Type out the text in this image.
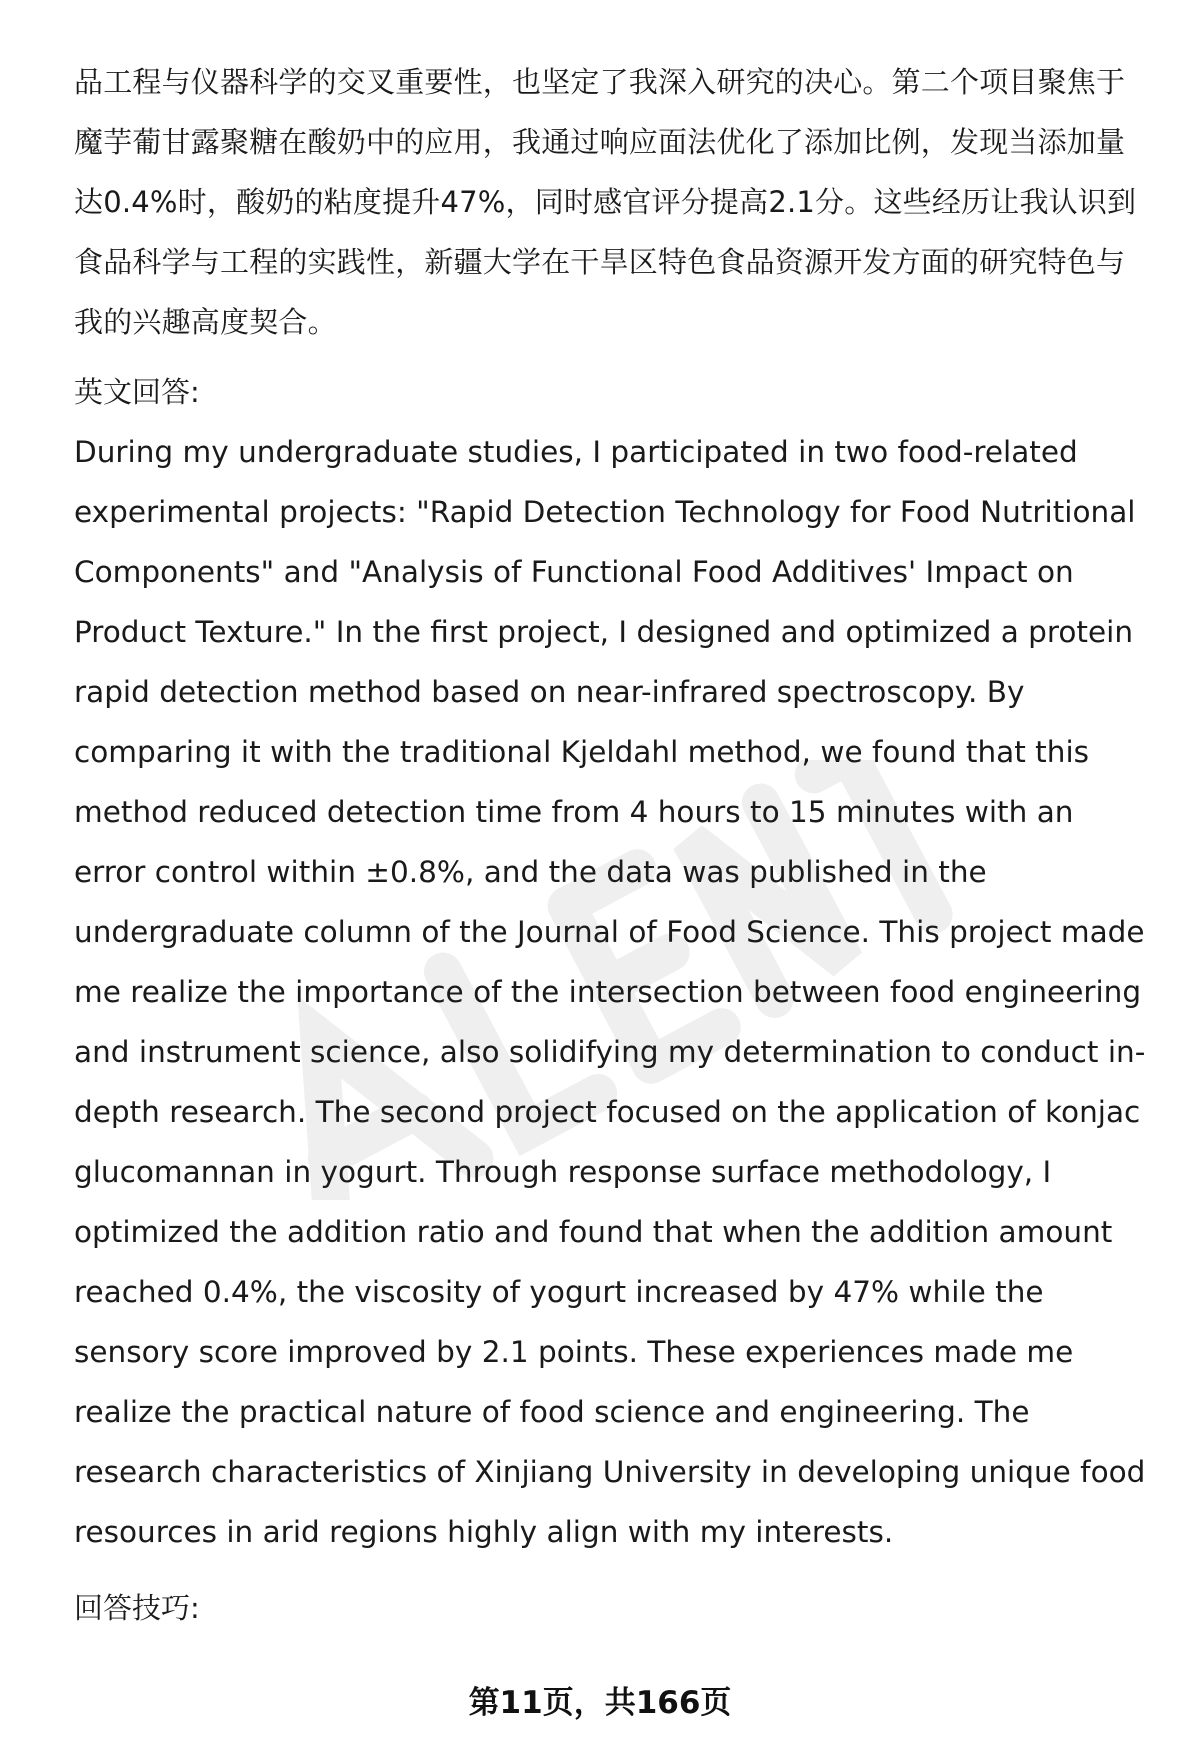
品工程与仪器科学的交叉重要性，也坚定了我深入研究的决心。第二个项目聚焦于魔芋葡甘露聚糖在酸奶中的应用，我通过响应面法优化了添加比例，发现当添加量达0.4%时，酸奶的粘度提升47%，同时感官评分提高2.1分。这些经历让我认识到食品科学与工程的实践性，新疆大学在干旱区特色食品资源开发方面的研究特色与我的兴趣高度契合。

英文回答:

During my undergraduate studies, I participated in two food-related experimental projects: "Rapid Detection Technology for Food Nutritional Components" and "Analysis of Functional Food Additives' Impact on Product Texture." In the first project, I designed and optimized a protein rapid detection method based on near-infrared spectroscopy. By comparing it with the traditional Kjeldahl method, we found that this method reduced detection time from 4 hours to 15 minutes with an error control within ±0.8%, and the data was published in the undergraduate column of the Journal of Food Science. This project made me realize the importance of the intersection between food engineering and instrument science, also solidifying my determination to conduct in-depth research. The second project focused on the application of konjac glucomannan in yogurt. Through response surface methodology, I optimized the addition ratio and found that when the addition amount reached 0.4%, the viscosity of yogurt increased by 47% while the sensory score improved by 2.1 points. These experiences made me realize the practical nature of food science and engineering. The research characteristics of Xinjiang University in developing unique food resources in arid regions highly align with my interests.

回答技巧:

第11页，共166页
